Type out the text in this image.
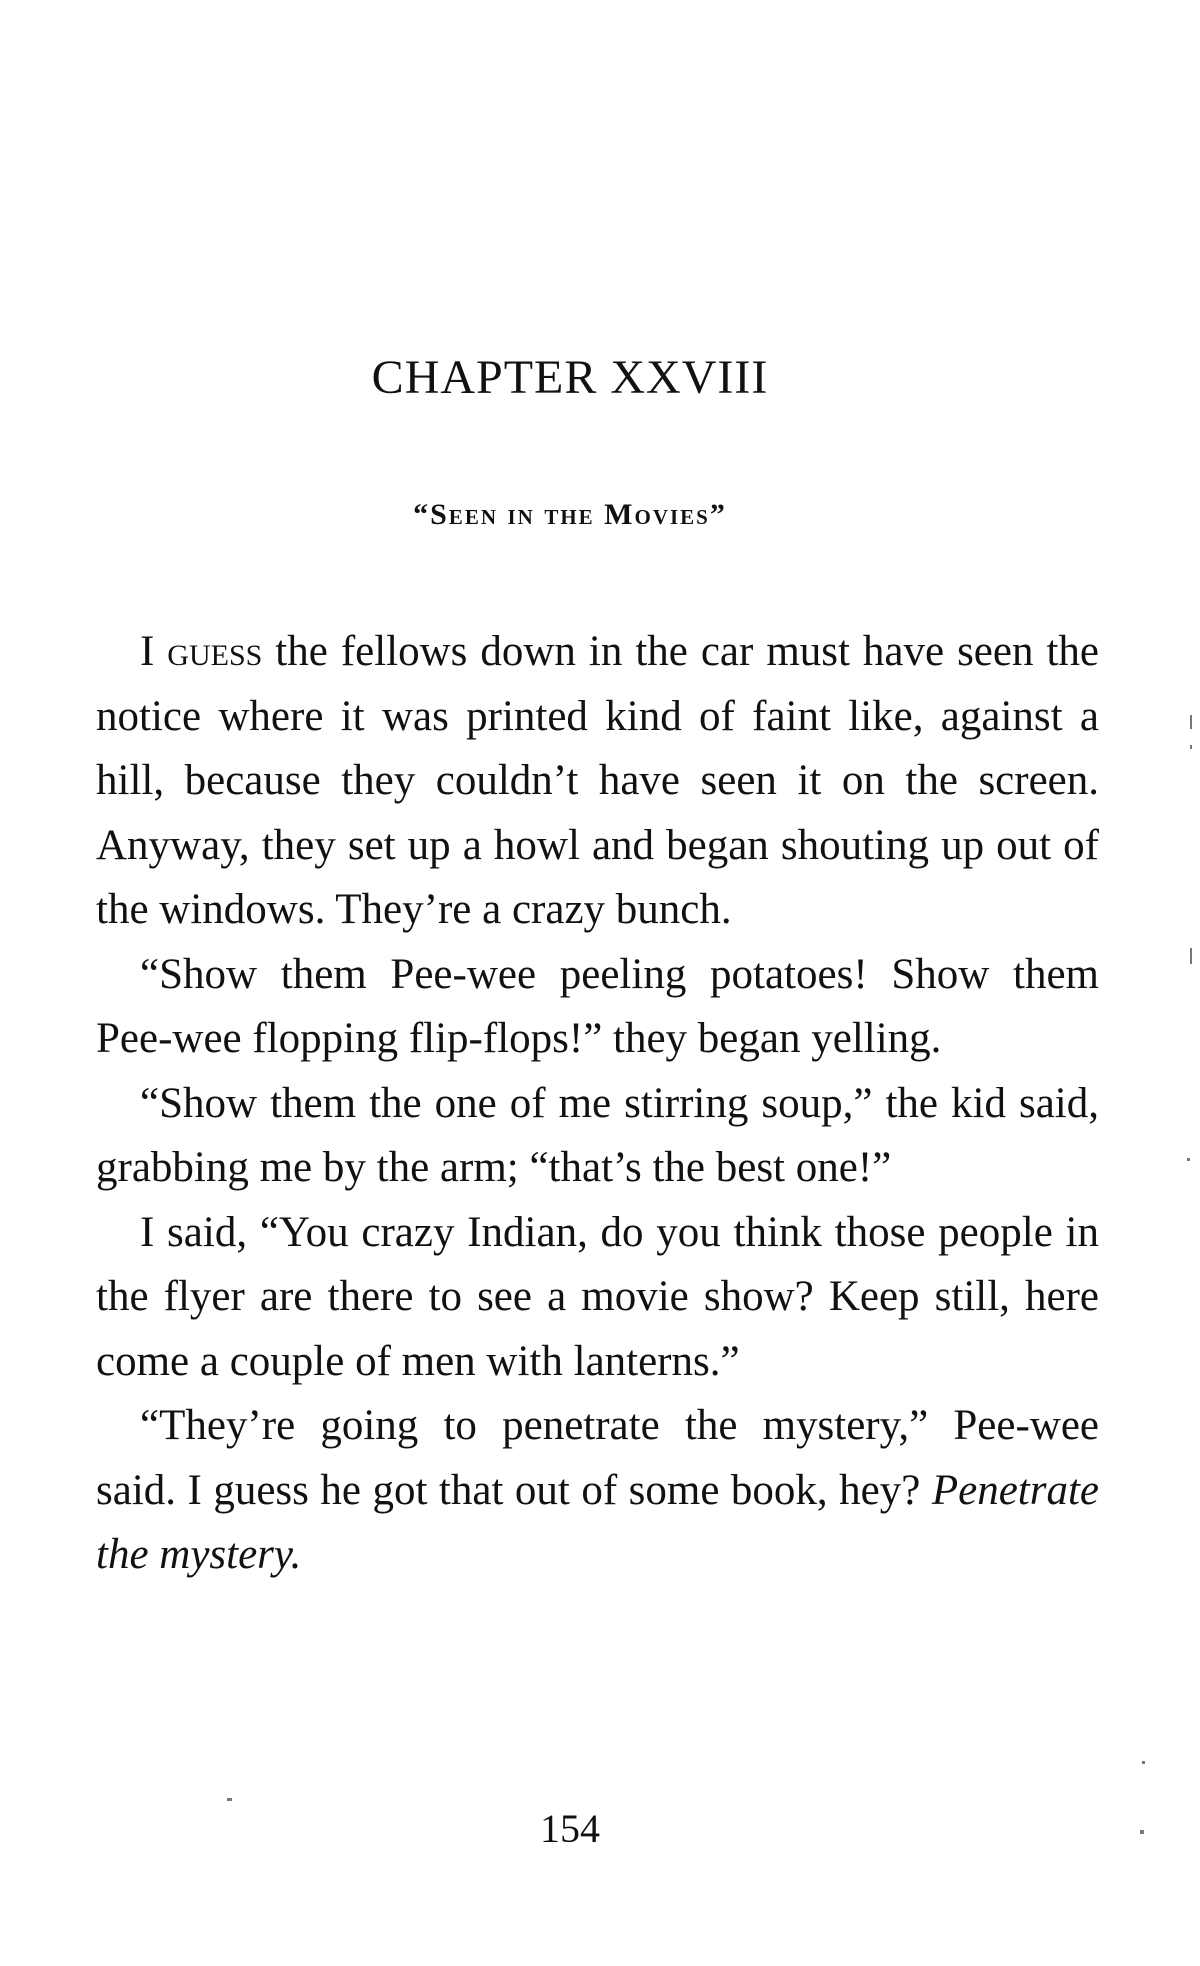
CHAPTER XXVIII
“Seen in the Movies”

I guess the fellows down in the car must have seen the notice where it was printed kind of faint like, against a hill, because they couldn’t have seen it on the screen. Anyway, they set up a howl and began shouting up out of the windows. They’re a crazy bunch.

“Show them Pee-wee peeling potatoes! Show them Pee-wee flopping flip-flops!” they began yelling.

“Show them the one of me stirring soup,” the kid said, grabbing me by the arm; “that’s the best one!”

I said, “You crazy Indian, do you think those people in the flyer are there to see a movie show? Keep still, here come a couple of men with lanterns.”

“They’re going to penetrate the mystery,” Pee-wee said. I guess he got that out of some book, hey? Penetrate the mystery.

154
